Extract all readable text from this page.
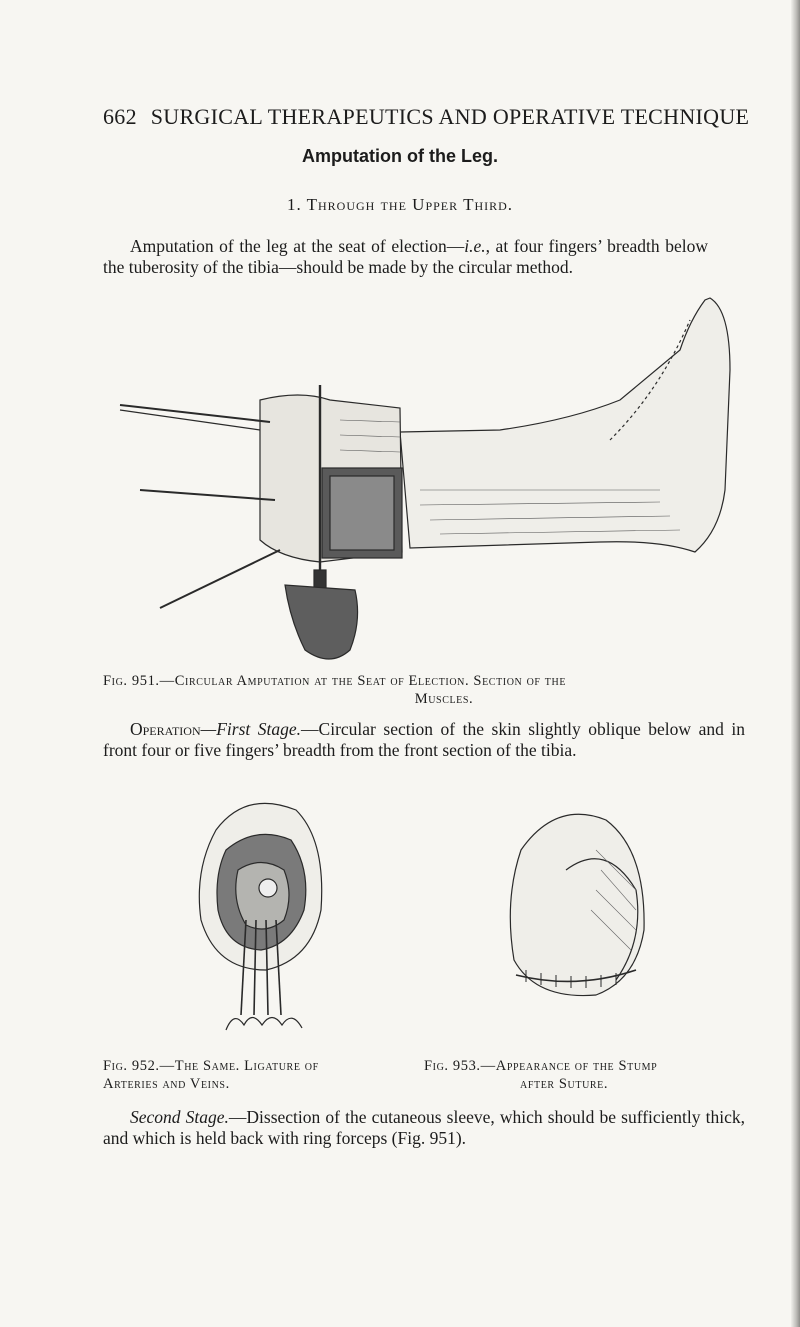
662 SURGICAL THERAPEUTICS AND OPERATIVE TECHNIQUE
Amputation of the Leg.
1. Through the Upper Third.

Amputation of the leg at the seat of election—i.e., at four fingers’ breadth below the tuberosity of the tibia—should be made by the circular method.

Fig. 951.—Circular Amputation at the Seat of Election. Section of the
Muscles.

Operation—First Stage.—Circular section of the skin slightly oblique below and in front four or five fingers’ breadth from the front section of the tibia.

Fig. 952.—The Same. Ligature of
Arteries and Veins.
Fig. 953.—Appearance of the Stump
after Suture.

Second Stage.—Dissection of the cutaneous sleeve, which should be sufficiently thick, and which is held back with ring forceps (Fig. 951).
